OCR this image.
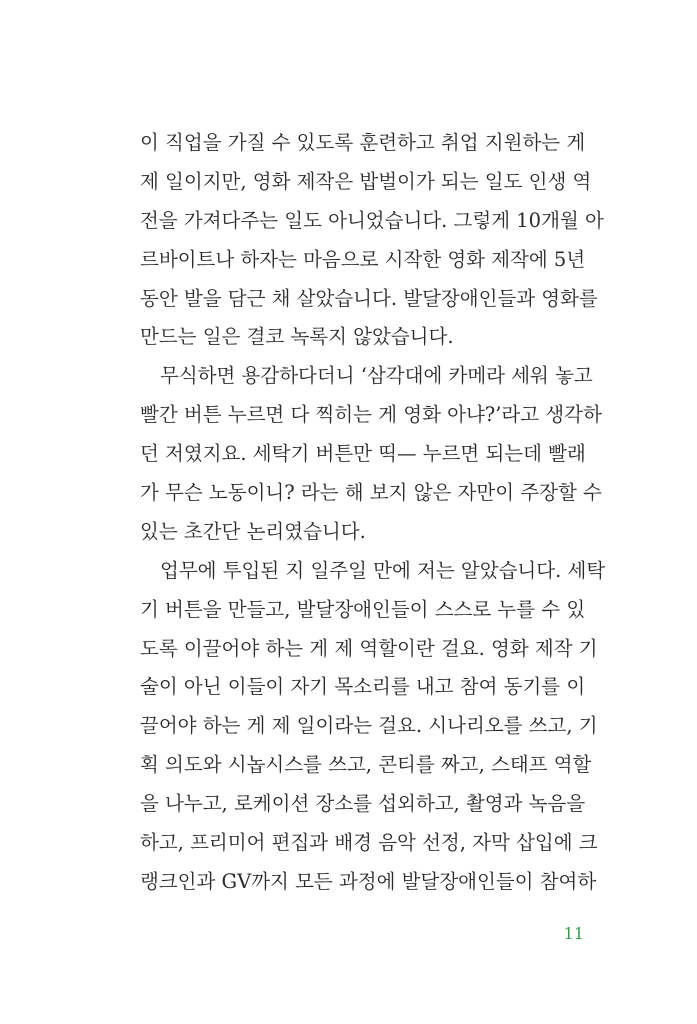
이 직업을 가질 수 있도록 훈련하고 취업 지원하는 게
제 일이지만, 영화 제작은 밥벌이가 되는 일도 인생 역
전을 가져다주는 일도 아니었습니다. 그렇게 10개월 아
르바이트나 하자는 마음으로 시작한 영화 제작에 5년
동안 발을 담근 채 살았습니다. 발달장애인들과 영화를
만드는 일은 결코 녹록지 않았습니다.
무식하면 용감하다더니 ‘삼각대에 카메라 세워 놓고
빨간 버튼 누르면 다 찍히는 게 영화 아냐?’라고 생각하
던 저였지요. 세탁기 버튼만 띡— 누르면 되는데 빨래
가 무슨 노동이니? 라는 해 보지 않은 자만이 주장할 수
있는 초간단 논리였습니다.
업무에 투입된 지 일주일 만에 저는 알았습니다. 세탁
기 버튼을 만들고, 발달장애인들이 스스로 누를 수 있
도록 이끌어야 하는 게 제 역할이란 걸요. 영화 제작 기
술이 아닌 이들이 자기 목소리를 내고 참여 동기를 이
끌어야 하는 게 제 일이라는 걸요. 시나리오를 쓰고, 기
획 의도와 시놉시스를 쓰고, 콘티를 짜고, 스태프 역할
을 나누고, 로케이션 장소를 섭외하고, 촬영과 녹음을
하고, 프리미어 편집과 배경 음악 선정, 자막 삽입에 크
랭크인과 GV까지 모든 과정에 발달장애인들이 참여하
11
